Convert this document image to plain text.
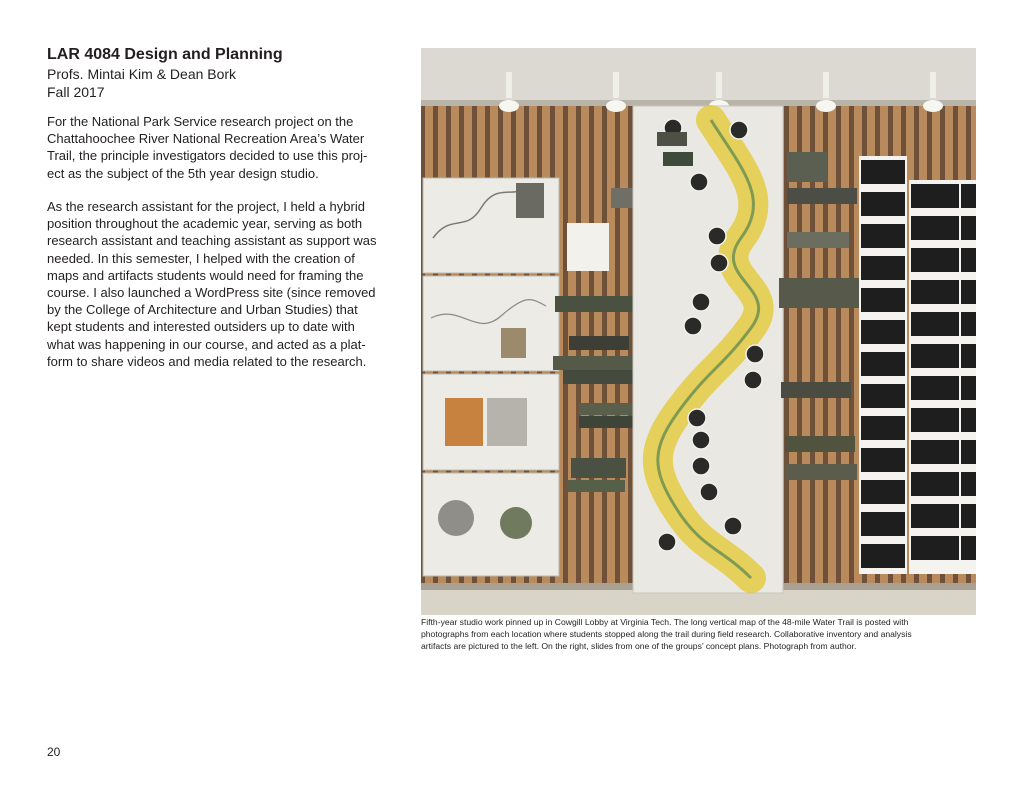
LAR 4084 Design and Planning

Profs. Mintai Kim & Dean Bork

Fall 2017

For the National Park Service research project on the
Chattahoochee River National Recreation Area’s Water
Trail, the principle investigators decided to use this proj-
ect as the subject of the 5th year design studio.
As the research assistant for the project, I held a hybrid
position throughout the academic year, serving as both
research assistant and teaching assistant as support was
needed. In this semester, I helped with the creation of
maps and artifacts students would need for framing the
course. I also launched a WordPress site (since removed
by the College of Architecture and Urban Studies) that
kept students and interested outsiders up to date with
what was happening in our course, and acted as a plat-
form to share videos and media related to the research.
Fifth-year studio work pinned up in Cowgill Lobby at Virginia Tech. The long vertical map of the 48-mile Water Trail is posted with
photographs from each location where students stopped along the trail during field research. Collaborative inventory and analysis
artifacts are pictured to the left. On the right, slides from one of the groups’ concept plans. Photograph from author.

20
